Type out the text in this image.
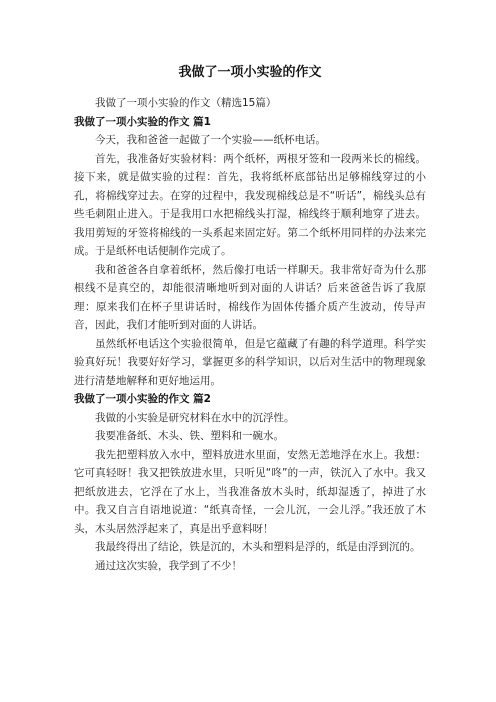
我做了一项小实验的作文

我做了一项小实验的作文（精选15篇）

我做了一项小实验的作文 篇1

今天，我和爸爸一起做了一个实验——纸杯电话。

首先，我准备好实验材料：两个纸杯，两根牙签和一段两米长的棉线。接下来，就是做实验的过程：首先，我将纸杯底部钻出足够棉线穿过的小孔，将棉线穿过去。在穿的过程中，我发现棉线总是不“听话”，棉线头总有些毛刺阻止进入。于是我用口水把棉线头打湿，棉线终于顺利地穿了进去。我用剪短的牙签将棉线的一头系起来固定好。第二个纸杯用同样的办法来完成。于是纸杯电话便制作完成了。

我和爸爸各自拿着纸杯，然后像打电话一样聊天。我非常好奇为什么那根线不是真空的，却能很清晰地听到对面的人讲话？后来爸爸告诉了我原理：原来我们在杯子里讲话时，棉线作为固体传播介质产生波动，传导声音，因此，我们才能听到对面的人讲话。

虽然纸杯电话这个实验很简单，但是它蕴藏了有趣的科学道理。科学实验真好玩！我要好好学习，掌握更多的科学知识，以后对生活中的物理现象进行清楚地解释和更好地运用。

我做了一项小实验的作文 篇2

我做的小实验是研究材料在水中的沉浮性。

我要准备纸、木头、铁、塑料和一碗水。

我先把塑料放入水中，塑料放进水里面，安然无恙地浮在水上。我想：它可真轻呀！我又把铁放进水里，只听见“咚”的一声，铁沉入了水中。我又把纸放进去，它浮在了水上，当我准备放木头时，纸却湿透了，掉进了水中。我又自言自语地说道：“纸真奇怪，一会儿沉，一会儿浮。”我还放了木头，木头居然浮起来了，真是出乎意料呀！

我最终得出了结论，铁是沉的，木头和塑料是浮的，纸是由浮到沉的。

通过这次实验，我学到了不少！
